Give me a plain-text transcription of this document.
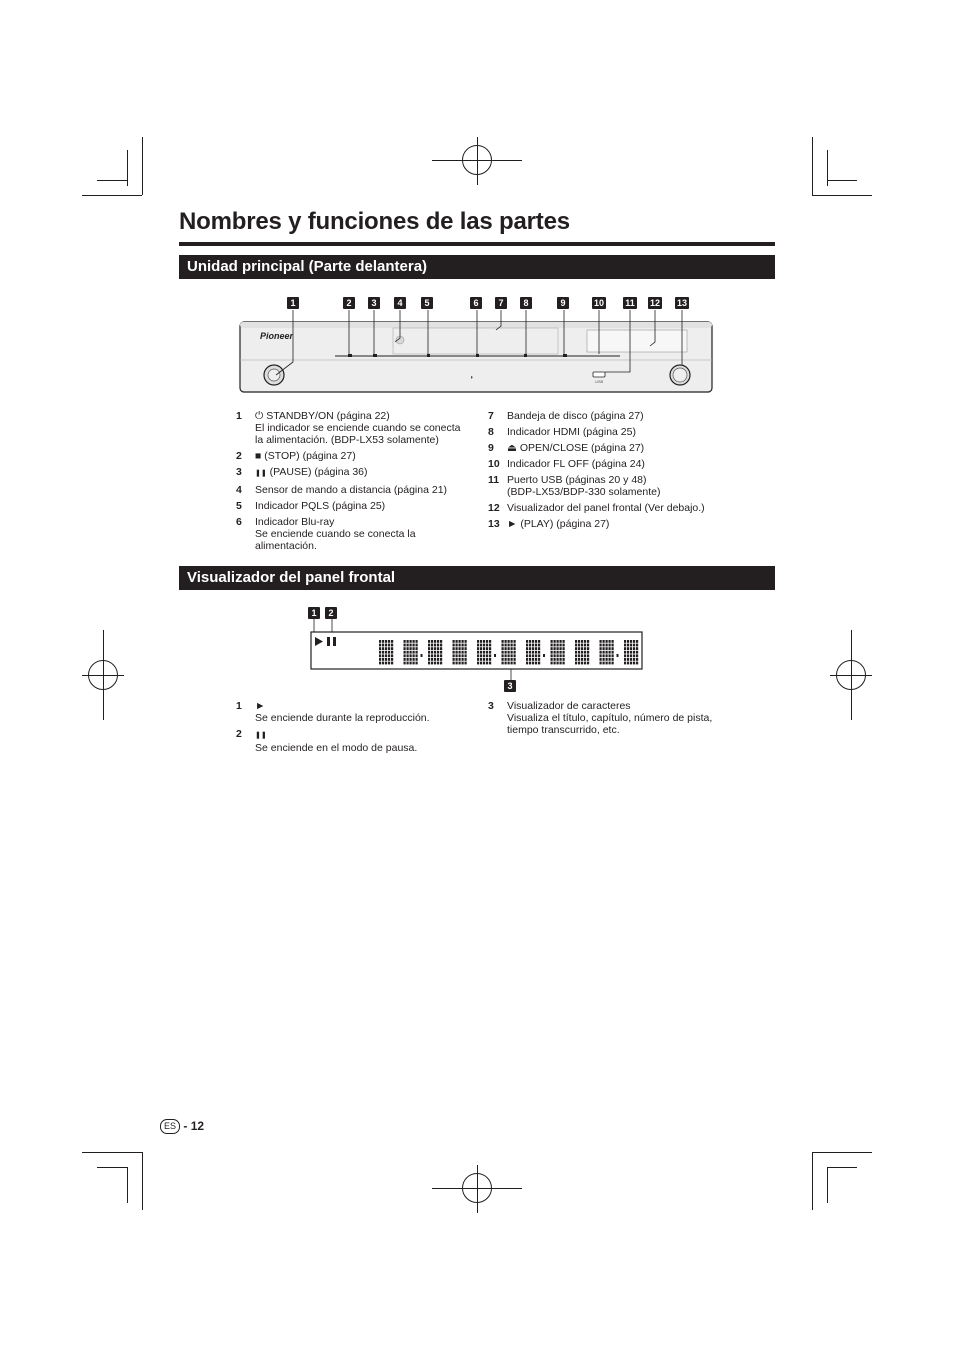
Nombres y funciones de las partes
Unidad principal (Parte delantera)
1	2	3	4	5	6	7	8	9	10 11 12 13
Pioneer
USB
◗
1	⏻ STANDBY/ON (página 22)
El indicador se enciende cuando se conecta la alimentación. (BDP-LX53 solamente)
2	■ (STOP) (página 27)
3	❚❚ (PAUSE) (página 36)
4	Sensor de mando a distancia (página 21)
5	Indicador PQLS (página 25)
6	Indicador Blu-ray
Se enciende cuando se conecta la alimentación.
7	Bandeja de disco (página 27)
8	Indicador HDMI (página 25)
9	⏏ OPEN/CLOSE (página 27)
10 Indicador FL OFF (página 24)
11 Puerto USB (páginas 20 y 48)
(BDP-LX53/BDP-330 solamente)
12 Visualizador del panel frontal (Ver debajo.)
13 ► (PLAY) (página 27)
Visualizador del panel frontal
1	2
3
1	►
Se enciende durante la reproducción.
2	❚❚
Se enciende en el modo de pausa.
3	Visualizador de caracteres
Visualiza el título, capítulo, número de pista, tiempo transcurrido, etc.
ES - 12
